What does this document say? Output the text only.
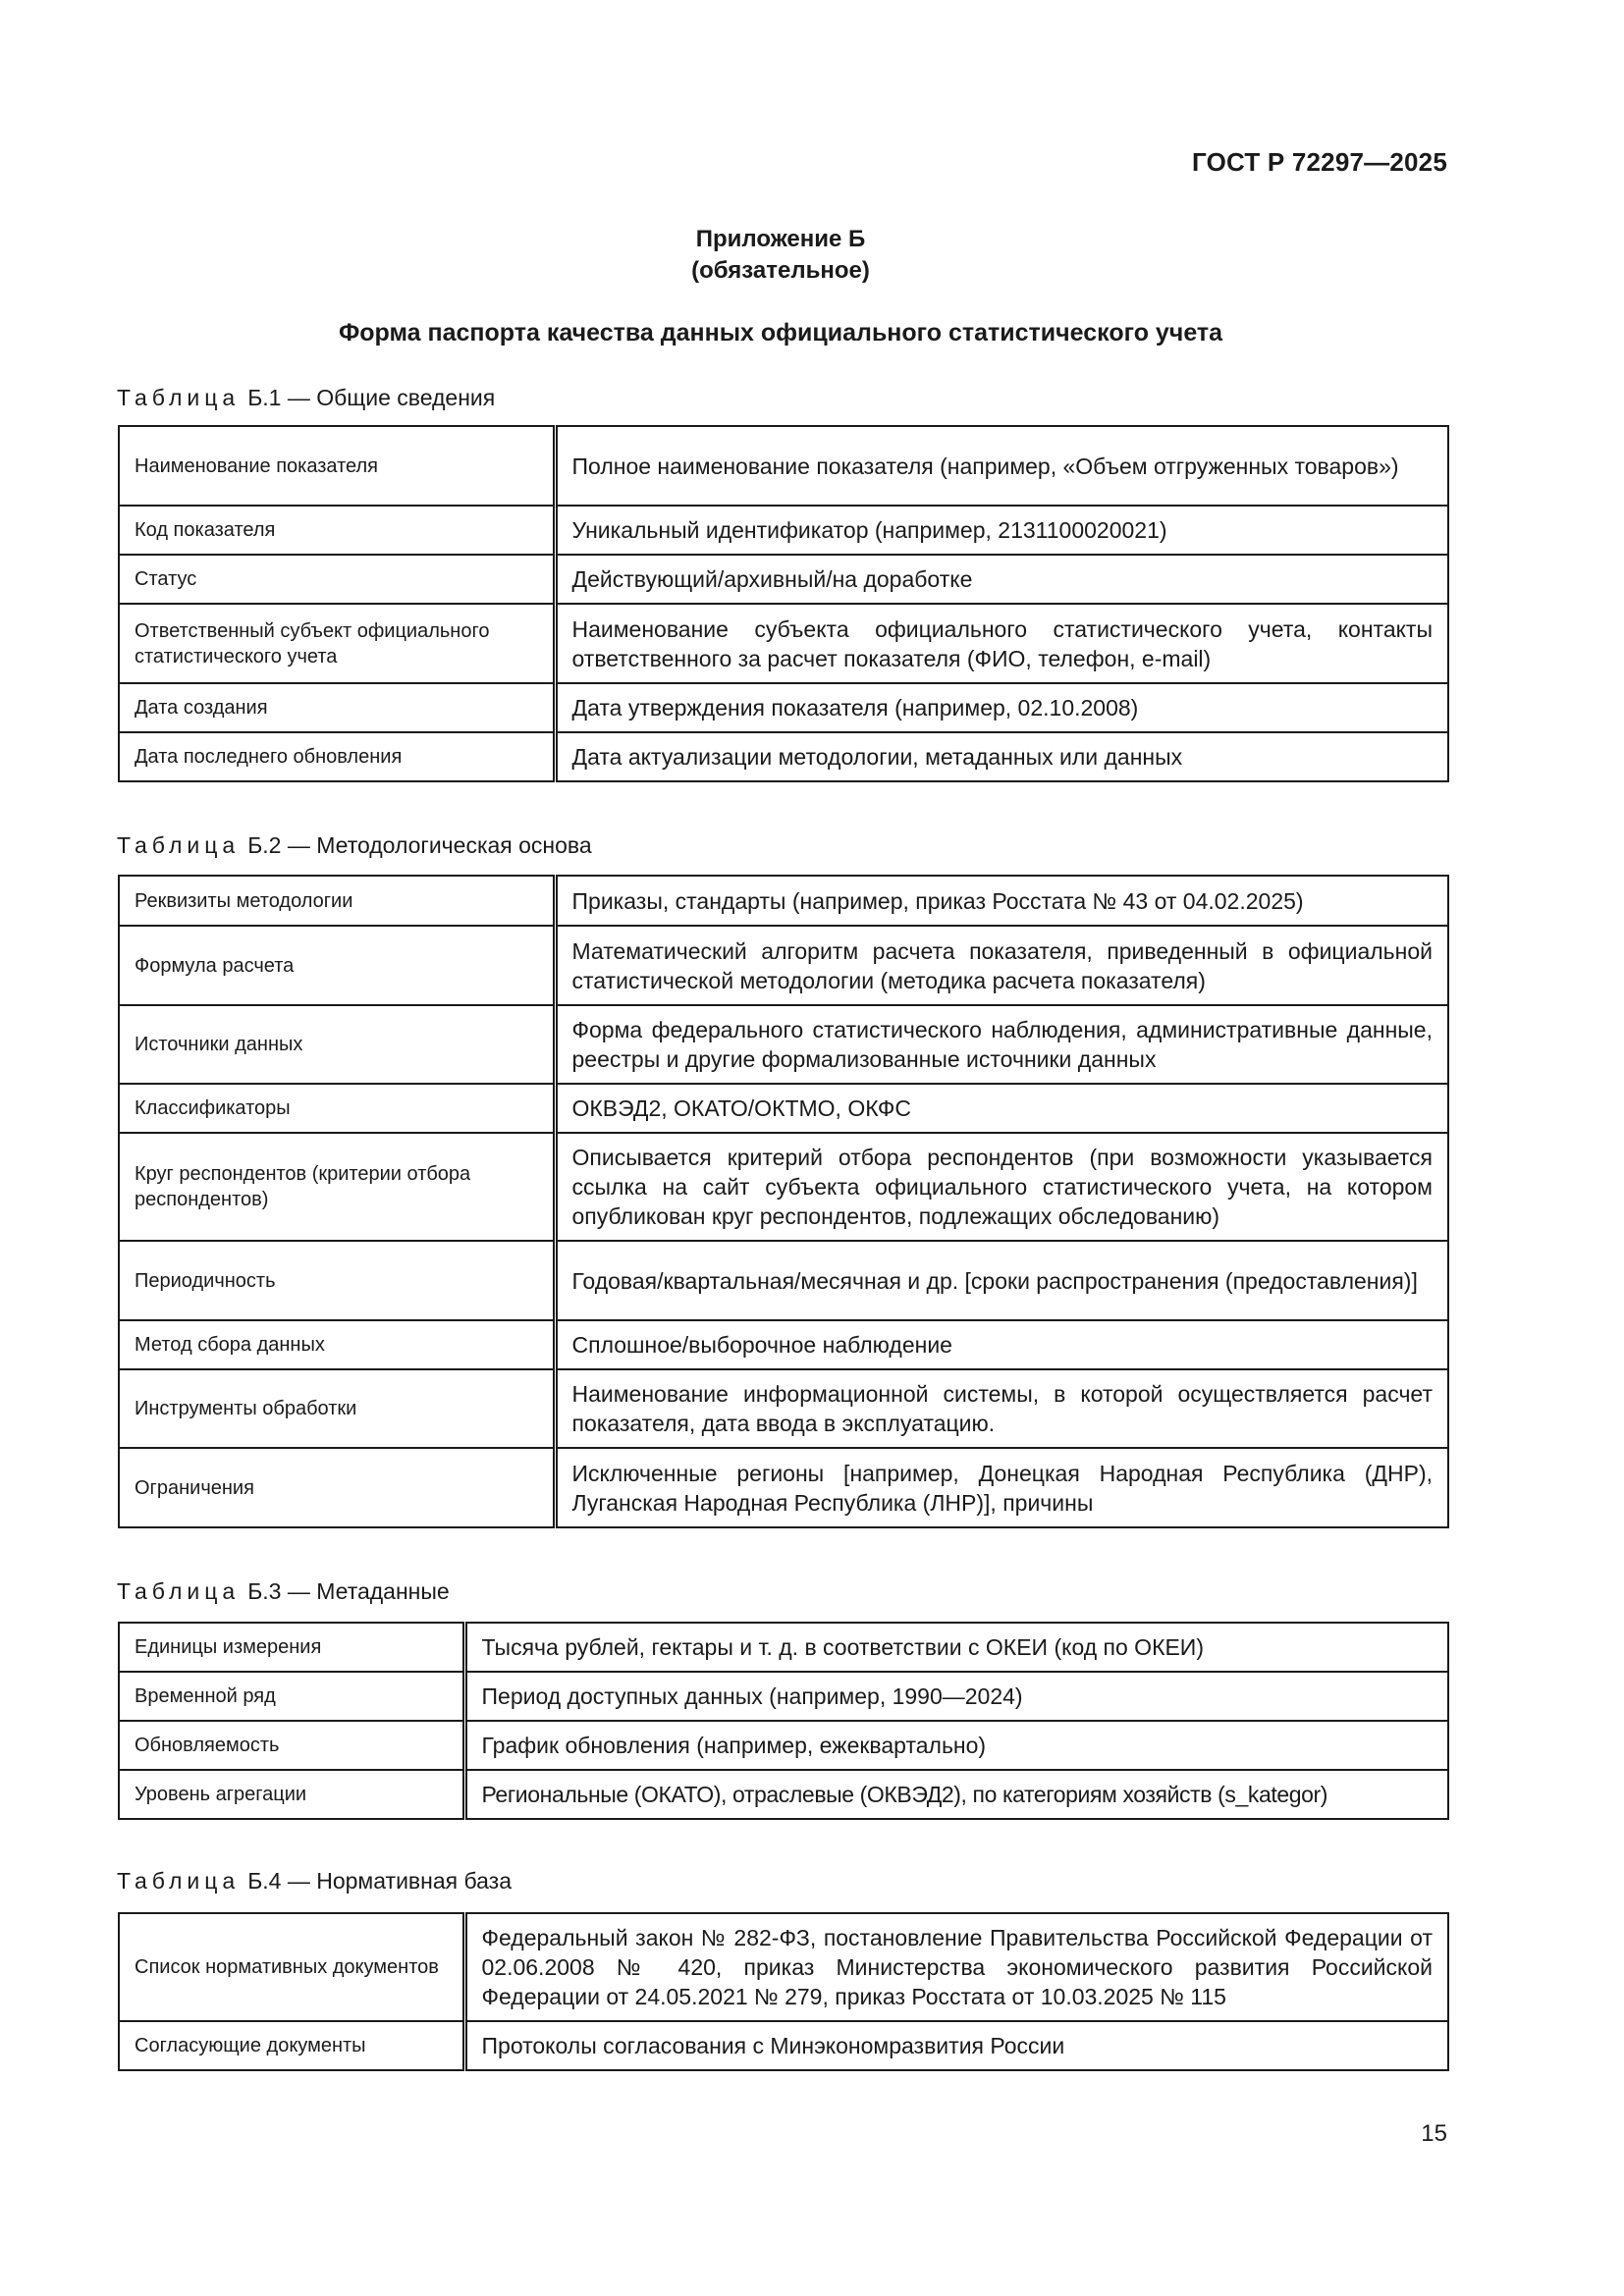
ГОСТ Р 72297—2025
Приложение Б
(обязательное)
Форма паспорта качества данных официального статистического учета
Таблица Б.1 — Общие сведения
Наименование показателя	Полное наименование показателя (например, «Объем отгруженных товаров»)
Код показателя	Уникальный идентификатор (например, 2131100020021)
Статус	Действующий/архивный/на доработке
Ответственный субъект официального статистического учета	Наименование субъекта официального статистического учета, контакты ответственного за расчет показателя (ФИО, телефон, e-mail)
Дата создания	Дата утверждения показателя (например, 02.10.2008)
Дата последнего обновления	Дата актуализации методологии, метаданных или данных
Таблица Б.2 — Методологическая основа
Реквизиты методологии	Приказы, стандарты (например, приказ Росстата № 43 от 04.02.2025)
Формула расчета	Математический алгоритм расчета показателя, приведенный в официальной статистической методологии (методика расчета показателя)
Источники данных	Форма федерального статистического наблюдения, административные данные, реестры и другие формализованные источники данных
Классификаторы	ОКВЭД2, ОКАТО/ОКТМО, ОКФС
Круг респондентов (критерии отбора респондентов)	Описывается критерий отбора респондентов (при возможности указывается ссылка на сайт субъекта официального статистического учета, на котором опубликован круг респондентов, подлежащих обследованию)
Периодичность	Годовая/квартальная/месячная и др. [сроки распространения (предоставления)]
Метод сбора данных	Сплошное/выборочное наблюдение
Инструменты обработки	Наименование информационной системы, в которой осуществляется расчет показателя, дата ввода в эксплуатацию.
Ограничения	Исключенные регионы [например, Донецкая Народная Республика (ДНР), Луганская Народная Республика (ЛНР)], причины
Таблица Б.3 — Метаданные
Единицы измерения	Тысяча рублей, гектары и т. д. в соответствии с ОКЕИ (код по ОКЕИ)
Временной ряд	Период доступных данных (например, 1990—2024)
Обновляемость	График обновления (например, ежеквартально)
Уровень агрегации	Региональные (ОКАТО), отраслевые (ОКВЭД2), по категориям хозяйств (s_kategor)
Таблица Б.4 — Нормативная база
Список нормативных документов	Федеральный закон № 282-ФЗ, постановление Правительства Российской Федерации от 02.06.2008 № 420, приказ Министерства экономического развития Российской Федерации от 24.05.2021 № 279, приказ Росстата от 10.03.2025 № 115
Согласующие документы	Протоколы согласования с Минэкономразвития России
15
